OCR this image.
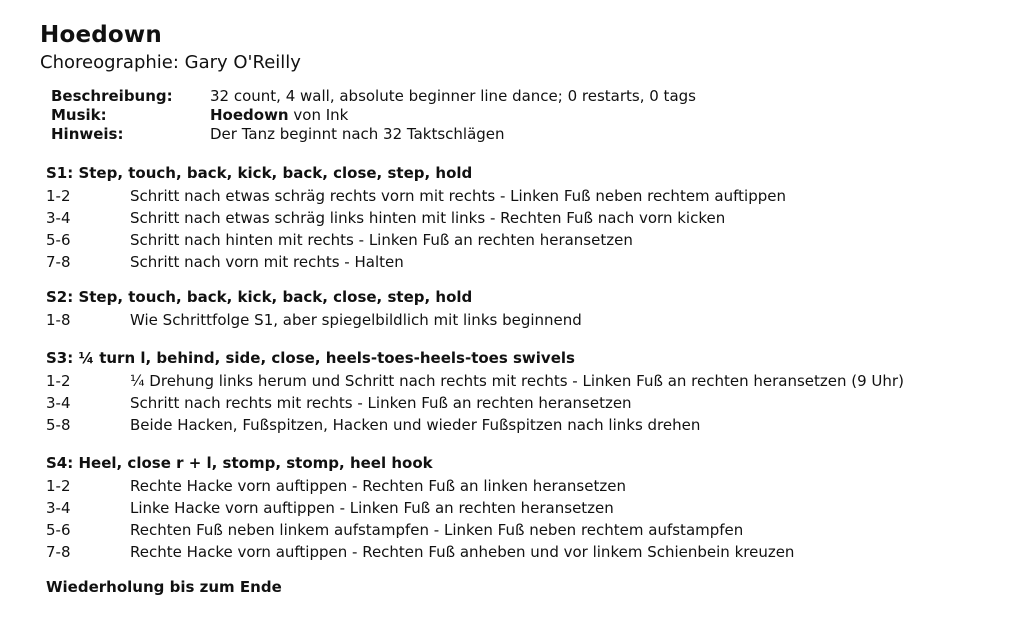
Hoedown
Choreographie: Gary O'Reilly
Beschreibung:	32 count, 4 wall, absolute beginner line dance; 0 restarts, 0 tags
Musik:	Hoedown von Ink
Hinweis:	Der Tanz beginnt nach 32 Taktschlägen
S1: Step, touch, back, kick, back, close, step, hold
1-2	Schritt nach etwas schräg rechts vorn mit rechts - Linken Fuß neben rechtem auftippen
3-4	Schritt nach etwas schräg links hinten mit links - Rechten Fuß nach vorn kicken
5-6	Schritt nach hinten mit rechts - Linken Fuß an rechten heransetzen
7-8	Schritt nach vorn mit rechts - Halten
S2: Step, touch, back, kick, back, close, step, hold
1-8	Wie Schrittfolge S1, aber spiegelbildlich mit links beginnend
S3: ¼ turn l, behind, side, close, heels-toes-heels-toes swivels
1-2	¼ Drehung links herum und Schritt nach rechts mit rechts - Linken Fuß an rechten heransetzen (9 Uhr)
3-4	Schritt nach rechts mit rechts - Linken Fuß an rechten heransetzen
5-8	Beide Hacken, Fußspitzen, Hacken und wieder Fußspitzen nach links drehen
S4: Heel, close r + l, stomp, stomp, heel hook
1-2	Rechte Hacke vorn auftippen - Rechten Fuß an linken heransetzen
3-4	Linke Hacke vorn auftippen - Linken Fuß an rechten heransetzen
5-6	Rechten Fuß neben linkem aufstampfen - Linken Fuß neben rechtem aufstampfen
7-8	Rechte Hacke vorn auftippen - Rechten Fuß anheben und vor linkem Schienbein kreuzen
Wiederholung bis zum Ende
